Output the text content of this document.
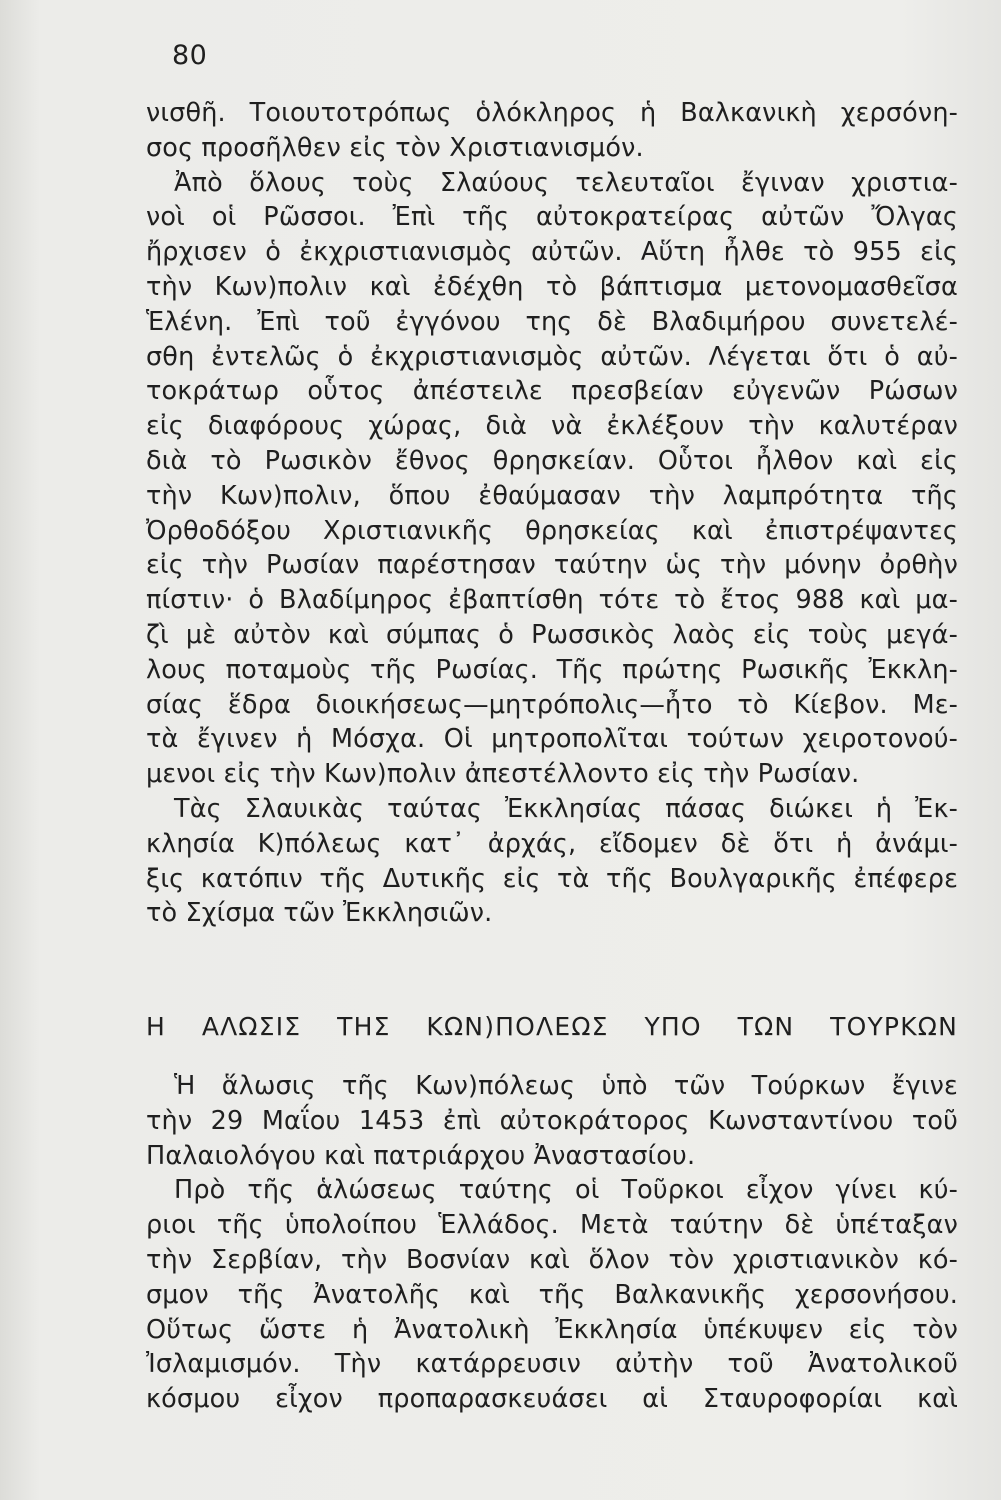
80
νισθῆ. Τοιουτοτρόπως ὁλόκληρος ἡ Βαλκανικὴ χερσόνη-
σος προσῆλθεν εἰς τὸν Χριστιανισμόν.
Ἀπὸ ὅλους τοὺς Σλαύους τελευταῖοι ἔγιναν χριστια-
νοὶ οἱ Ρῶσσοι. Ἐπὶ τῆς αὐτοκρατείρας αὐτῶν Ὄλγας
ἤρχισεν ὁ ἐκχριστιανισμὸς αὐτῶν. Αὕτη ἦλθε τὸ 955 εἰς
τὴν Κων)πολιν καὶ ἐδέχθη τὸ βάπτισμα μετονομασθεῖσα
Ἑλένη. Ἐπὶ τοῦ ἐγγόνου της δὲ Βλαδιμήρου συνετελέ-
σθη ἐντελῶς ὁ ἐκχριστιανισμὸς αὐτῶν. Λέγεται ὅτι ὁ αὐ-
τοκράτωρ οὗτος ἀπέστειλε πρεσβείαν εὐγενῶν Ρώσων
εἰς διαφόρους χώρας, διὰ νὰ ἐκλέξουν τὴν καλυτέραν
διὰ τὸ Ρωσικὸν ἔθνος θρησκείαν. Οὗτοι ἦλθον καὶ εἰς
τὴν Κων)πολιν, ὅπου ἐθαύμασαν τὴν λαμπρότητα τῆς
Ὀρθοδόξου Χριστιανικῆς θρησκείας καὶ ἐπιστρέψαντες
εἰς τὴν Ρωσίαν παρέστησαν ταύτην ὡς τὴν μόνην ὀρθὴν
πίστιν· ὁ Βλαδίμηρος ἐβαπτίσθη τότε τὸ ἔτος 988 καὶ μα-
ζὶ μὲ αὐτὸν καὶ σύμπας ὁ Ρωσσικὸς λαὸς εἰς τοὺς μεγά-
λους ποταμοὺς τῆς Ρωσίας. Τῆς πρώτης Ρωσικῆς Ἐκκλη-
σίας ἕδρα διοικήσεως—μητρόπολις—ἦτο τὸ Κίεβον. Με-
τὰ ἔγινεν ἡ Μόσχα. Οἱ μητροπολῖται τούτων χειροτονού-
μενοι εἰς τὴν Κων)πολιν ἀπεστέλλοντο εἰς τὴν Ρωσίαν.
Τὰς Σλαυικὰς ταύτας Ἐκκλησίας πάσας διώκει ἡ Ἐκ-
κλησία Κ)πόλεως κατ᾿ ἀρχάς, εἴδομεν δὲ ὅτι ἡ ἀνάμι-
ξις κατόπιν τῆς Δυτικῆς εἰς τὰ τῆς Βουλγαρικῆς ἐπέφερε
τὸ Σχίσμα τῶν Ἐκκλησιῶν.
Η ΑΛΩΣΙΣ ΤΗΣ ΚΩΝ)ΠΟΛΕΩΣ ΥΠΟ ΤΩΝ ΤΟΥΡΚΩΝ
Ἡ ἅλωσις τῆς Κων)πόλεως ὑπὸ τῶν Τούρκων ἔγινε
τὴν 29 Μαΐου 1453 ἐπὶ αὐτοκράτορος Κωνσταντίνου τοῦ
Παλαιολόγου καὶ πατριάρχου Ἀναστασίου.
Πρὸ τῆς ἁλώσεως ταύτης οἱ Τοῦρκοι εἶχον γίνει κύ-
ριοι τῆς ὑπολοίπου Ἑλλάδος. Μετὰ ταύτην δὲ ὑπέταξαν
τὴν Σερβίαν, τὴν Βοσνίαν καὶ ὅλον τὸν χριστιανικὸν κό-
σμον τῆς Ἀνατολῆς καὶ τῆς Βαλκανικῆς χερσονήσου.
Οὕτως ὥστε ἡ Ἀνατολικὴ Ἐκκλησία ὑπέκυψεν εἰς τὸν
Ἰσλαμισμόν. Τὴν κατάρρευσιν αὐτὴν τοῦ Ἀνατολικοῦ
κόσμου εἶχον προπαρασκευάσει αἱ Σταυροφορίαι καὶ
